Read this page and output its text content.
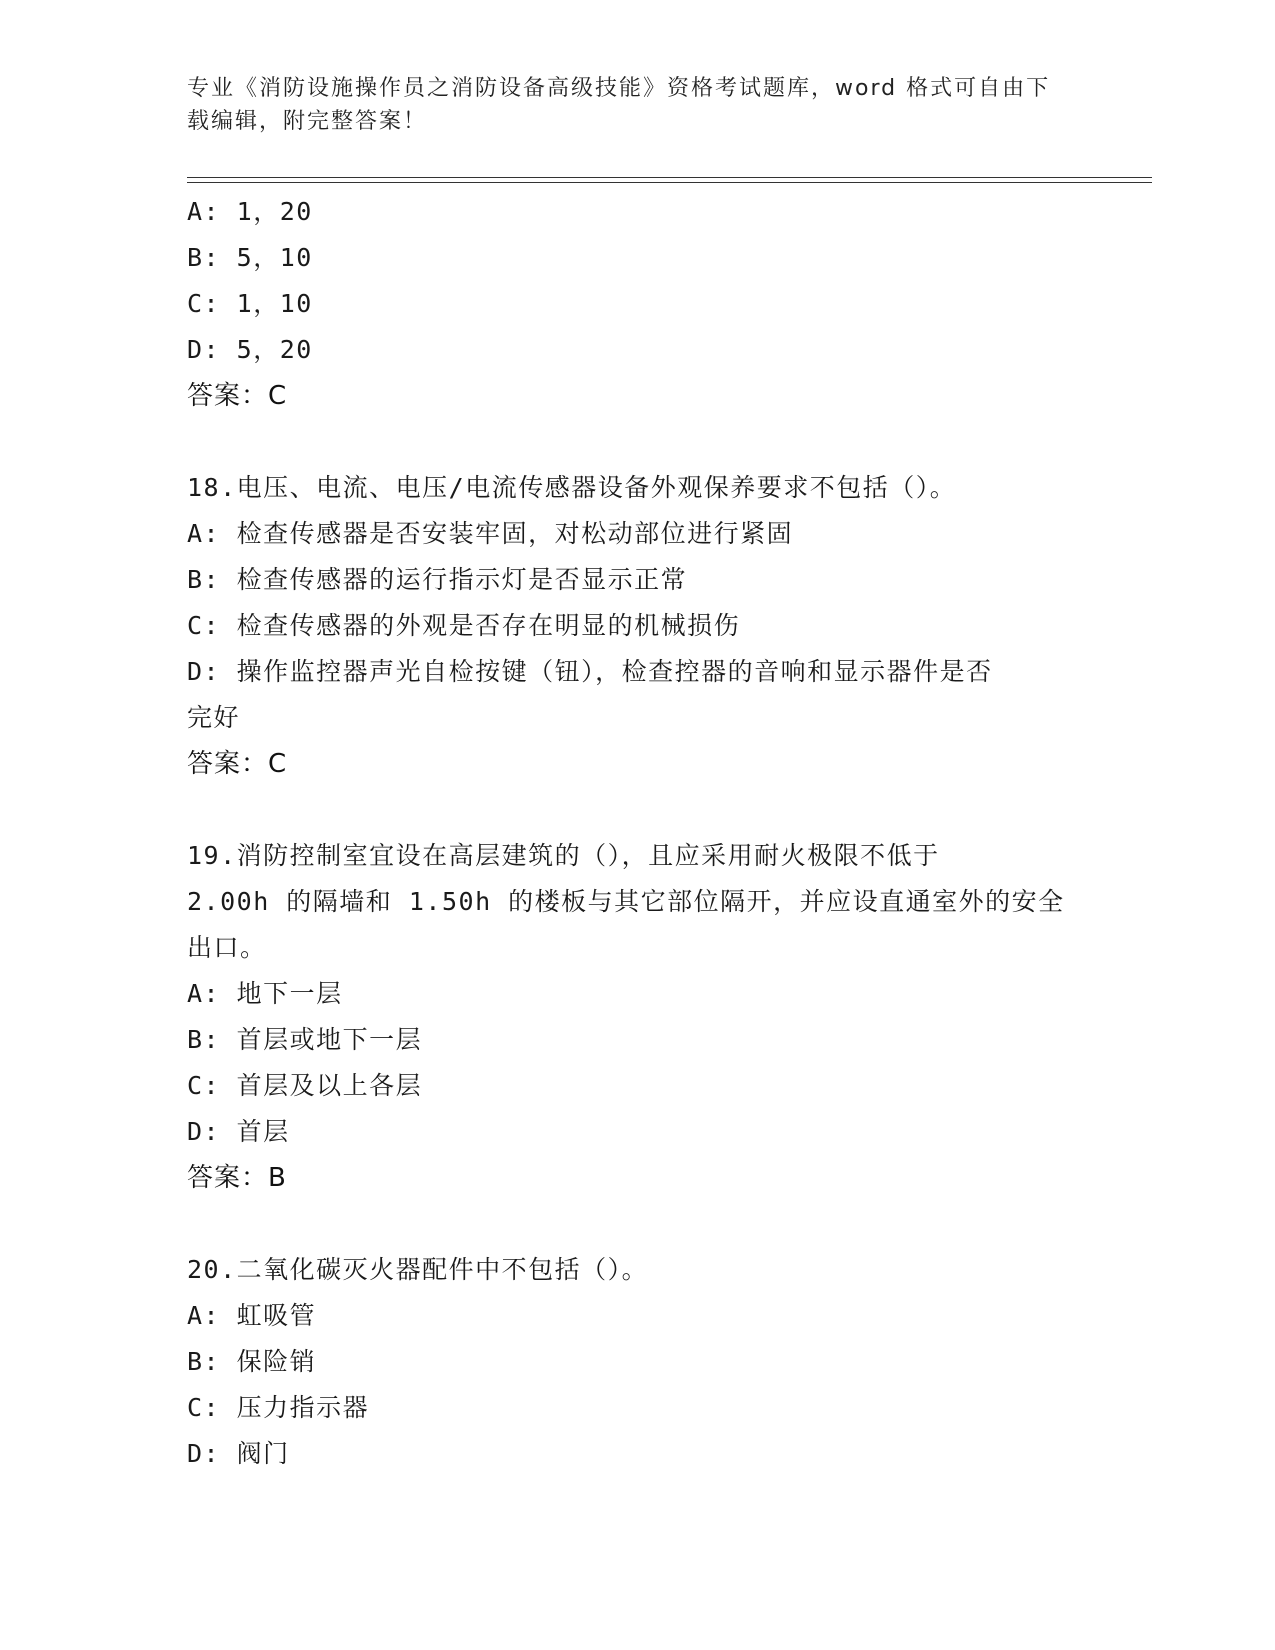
专业《消防设施操作员之消防设备高级技能》资格考试题库，word 格式可自由下
载编辑，附完整答案！
A: 1，20
B: 5，10
C: 1，10
D: 5，20
答案：C
18.电压、电流、电压/电流传感器设备外观保养要求不包括（）。
A: 检查传感器是否安装牢固，对松动部位进行紧固
B: 检查传感器的运行指示灯是否显示正常
C: 检查传感器的外观是否存在明显的机械损伤
D: 操作监控器声光自检按键（钮），检查控器的音响和显示器件是否
完好
答案：C
19.消防控制室宜设在高层建筑的（），且应采用耐火极限不低于
2.00h 的隔墙和 1.50h 的楼板与其它部位隔开，并应设直通室外的安全
出口。
A: 地下一层
B: 首层或地下一层
C: 首层及以上各层
D: 首层
答案：B
20.二氧化碳灭火器配件中不包括（）。
A: 虹吸管
B: 保险销
C: 压力指示器
D: 阀门
